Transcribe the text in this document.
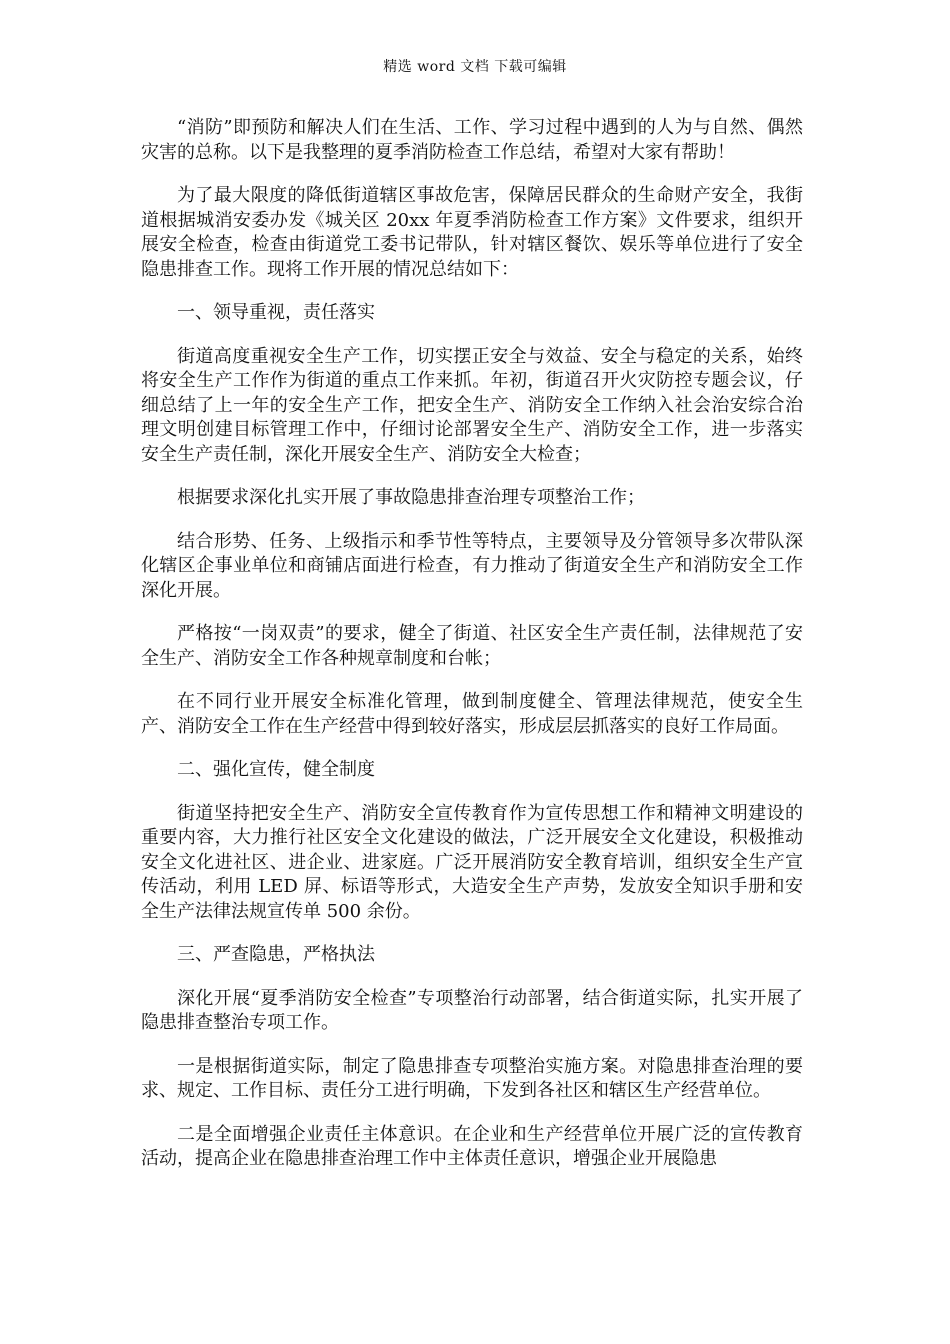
精选 word 文档 下载可编辑

“消防”即预防和解决人们在生活、工作、学习过程中遇到的人为与自然、偶然灾害的总称。以下是我整理的夏季消防检查工作总结，希望对大家有帮助！

为了最大限度的降低街道辖区事故危害，保障居民群众的生命财产安全，我街道根据城消安委办发《城关区 20xx 年夏季消防检查工作方案》文件要求，组织开展安全检查，检查由街道党工委书记带队，针对辖区餐饮、娱乐等单位进行了安全隐患排查工作。现将工作开展的情况总结如下：

一、领导重视，责任落实

街道高度重视安全生产工作，切实摆正安全与效益、安全与稳定的关系，始终将安全生产工作作为街道的重点工作来抓。年初，街道召开火灾防控专题会议，仔细总结了上一年的安全生产工作，把安全生产、消防安全工作纳入社会治安综合治理文明创建目标管理工作中，仔细讨论部署安全生产、消防安全工作，进一步落实安全生产责任制，深化开展安全生产、消防安全大检查；

根据要求深化扎实开展了事故隐患排查治理专项整治工作；

结合形势、任务、上级指示和季节性等特点，主要领导及分管领导多次带队深化辖区企事业单位和商铺店面进行检查，有力推动了街道安全生产和消防安全工作深化开展。

严格按“一岗双责”的要求，健全了街道、社区安全生产责任制，法律规范了安全生产、消防安全工作各种规章制度和台帐；

在不同行业开展安全标准化管理，做到制度健全、管理法律规范，使安全生产、消防安全工作在生产经营中得到较好落实，形成层层抓落实的良好工作局面。

二、强化宣传，健全制度

街道坚持把安全生产、消防安全宣传教育作为宣传思想工作和精神文明建设的重要内容，大力推行社区安全文化建设的做法，广泛开展安全文化建设，积极推动安全文化进社区、进企业、进家庭。广泛开展消防安全教育培训，组织安全生产宣传活动，利用 LED 屏、标语等形式，大造安全生产声势，发放安全知识手册和安全生产法律法规宣传单 500 余份。

三、严查隐患，严格执法

深化开展“夏季消防安全检查”专项整治行动部署，结合街道实际，扎实开展了隐患排查整治专项工作。

一是根据街道实际，制定了隐患排查专项整治实施方案。对隐患排查治理的要求、规定、工作目标、责任分工进行明确，下发到各社区和辖区生产经营单位。

二是全面增强企业责任主体意识。在企业和生产经营单位开展广泛的宣传教育活动，提高企业在隐患排查治理工作中主体责任意识，增强企业开展隐患
